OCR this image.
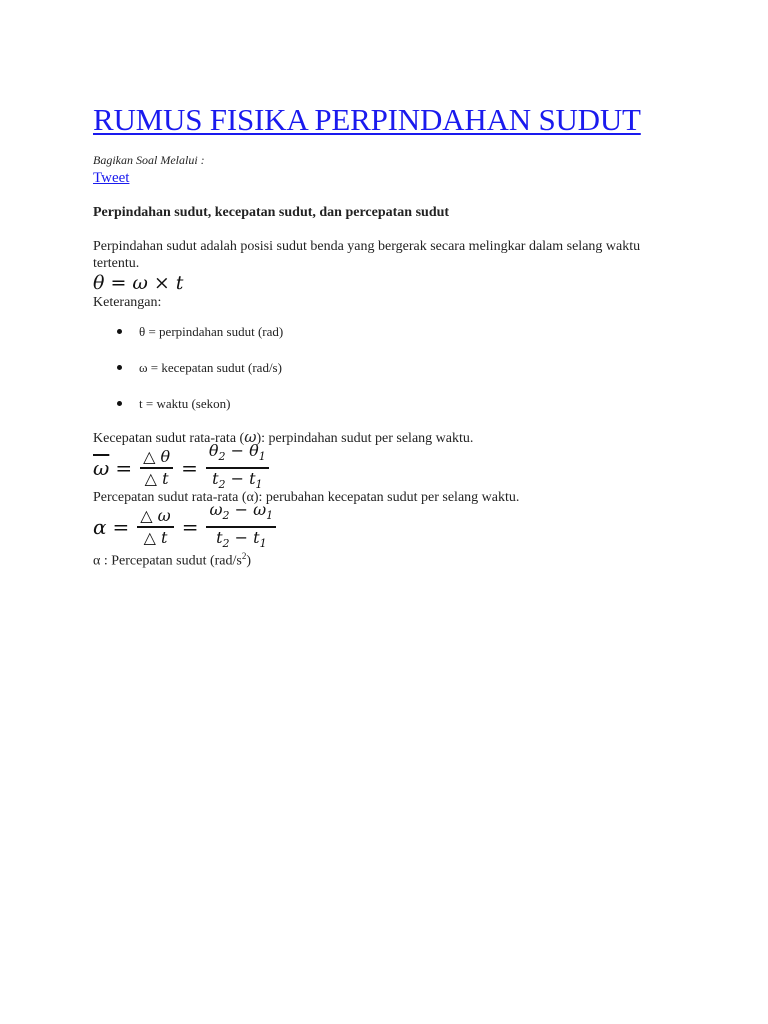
RUMUS FISIKA PERPINDAHAN SUDUT
Bagikan Soal Melalui :
Tweet
Perpindahan sudut, kecepatan sudut, dan percepatan sudut
Perpindahan sudut adalah posisi sudut benda yang bergerak secara melingkar dalam selang waktu tertentu.
θ = ω × t
Keterangan:
θ = perpindahan sudut (rad)
ω = kecepatan sudut (rad/s)
t = waktu (sekon)
Kecepatan sudut rata-rata (ω): perpindahan sudut per selang waktu.
$\overline{\omega} = \frac{\triangle \theta}{\triangle t} = \frac{\theta_2 - \theta_1}{t_2 - t_1}$
Percepatan sudut rata-rata (α): perubahan kecepatan sudut per selang waktu.
$\alpha = \frac{\triangle \omega}{\triangle t} = \frac{\omega_2 - \omega_1}{t_2 - t_1}$
α : Percepatan sudut $(rad/s^2)$
